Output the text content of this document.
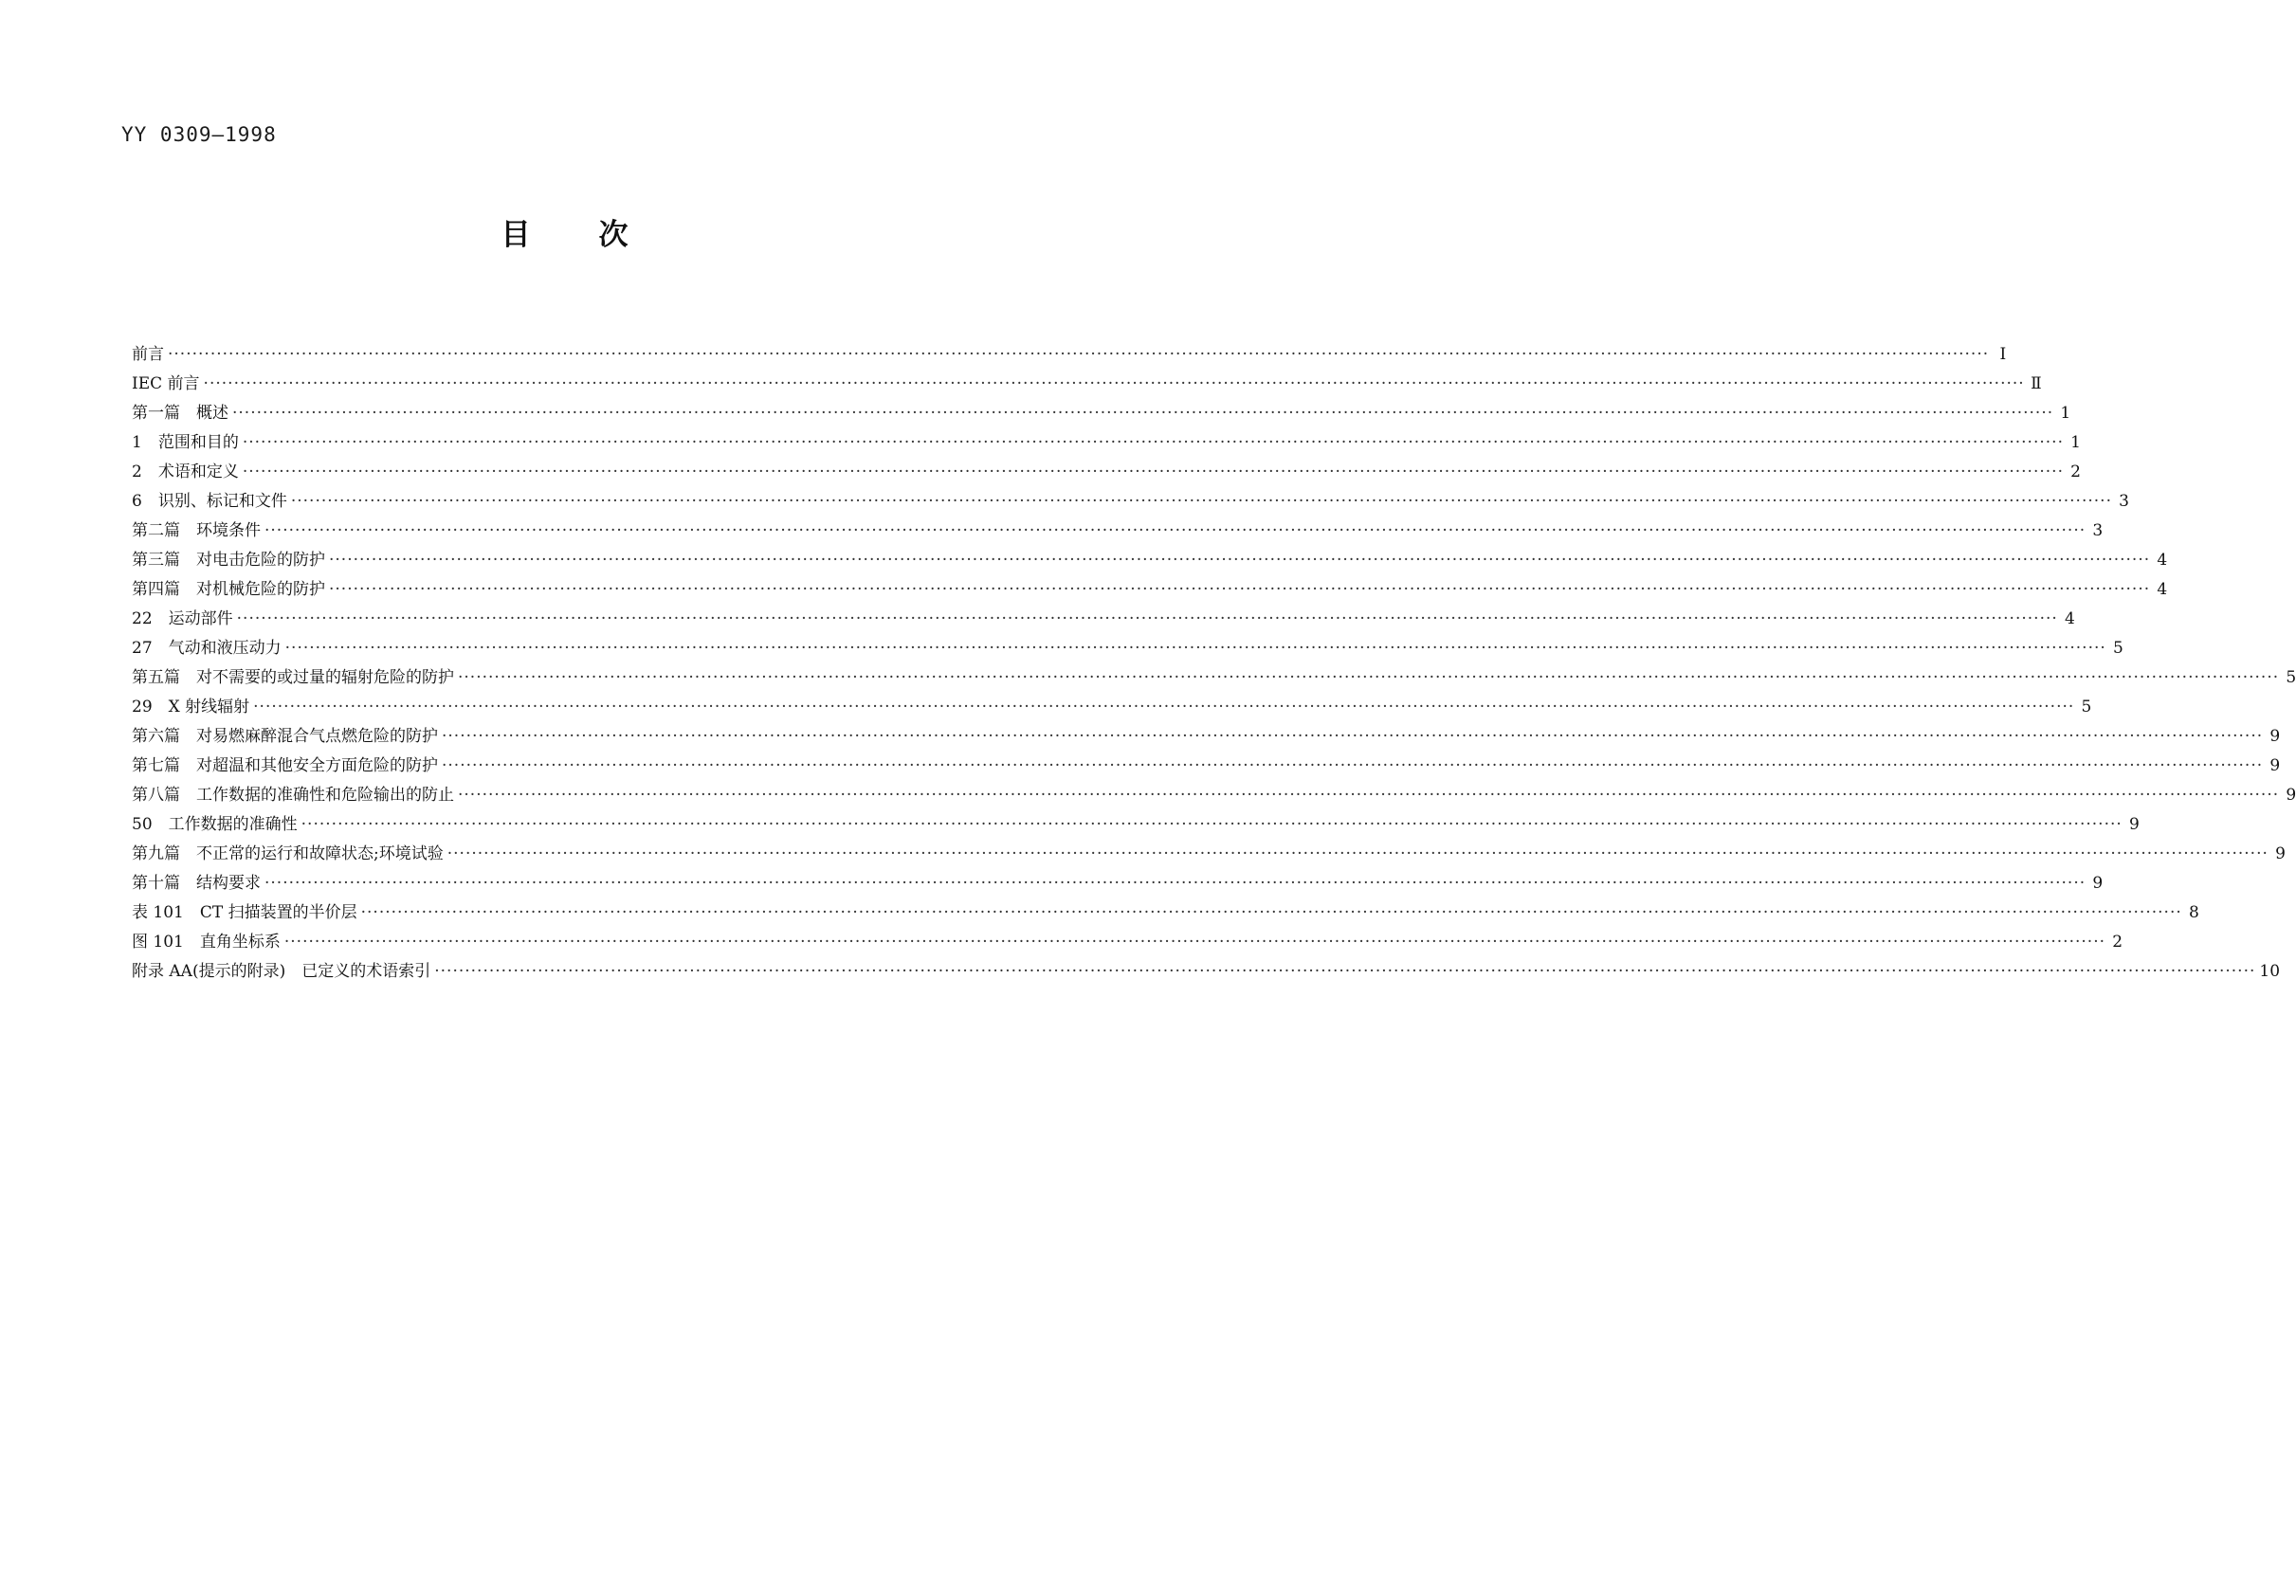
YY 0309—1998
目次
前言 ············································································································································································································································································································ I
IEC 前言 ············································································································································································································································································································ Ⅱ
第一篇　概述 ············································································································································································································································································································ 1
1　范围和目的 ············································································································································································································································································································ 1
2　术语和定义 ············································································································································································································································································································ 2
6　识别、标记和文件 ············································································································································································································································································································ 3
第二篇　环境条件 ············································································································································································································································································································ 3
第三篇　对电击危险的防护 ············································································································································································································································································································ 4
第四篇　对机械危险的防护 ············································································································································································································································································································ 4
22　运动部件 ············································································································································································································································································································ 4
27　气动和液压动力 ············································································································································································································································································································ 5
第五篇　对不需要的或过量的辐射危险的防护 ············································································································································································································································································································ 5
29　X 射线辐射 ············································································································································································································································································································ 5
第六篇　对易燃麻醉混合气点燃危险的防护 ············································································································································································································································································································ 9
第七篇　对超温和其他安全方面危险的防护 ············································································································································································································································································································ 9
第八篇　工作数据的准确性和危险输出的防止 ············································································································································································································································································································ 9
50　工作数据的准确性 ············································································································································································································································································································ 9
第九篇　不正常的运行和故障状态;环境试验 ············································································································································································································································································································ 9
第十篇　结构要求 ············································································································································································································································································································ 9
表 101　CT 扫描装置的半价层 ············································································································································································································································································································ 8
图 101　直角坐标系 ············································································································································································································································································································ 2
附录 AA(提示的附录)　已定义的术语索引 ············································································································································································································································································································ 10
